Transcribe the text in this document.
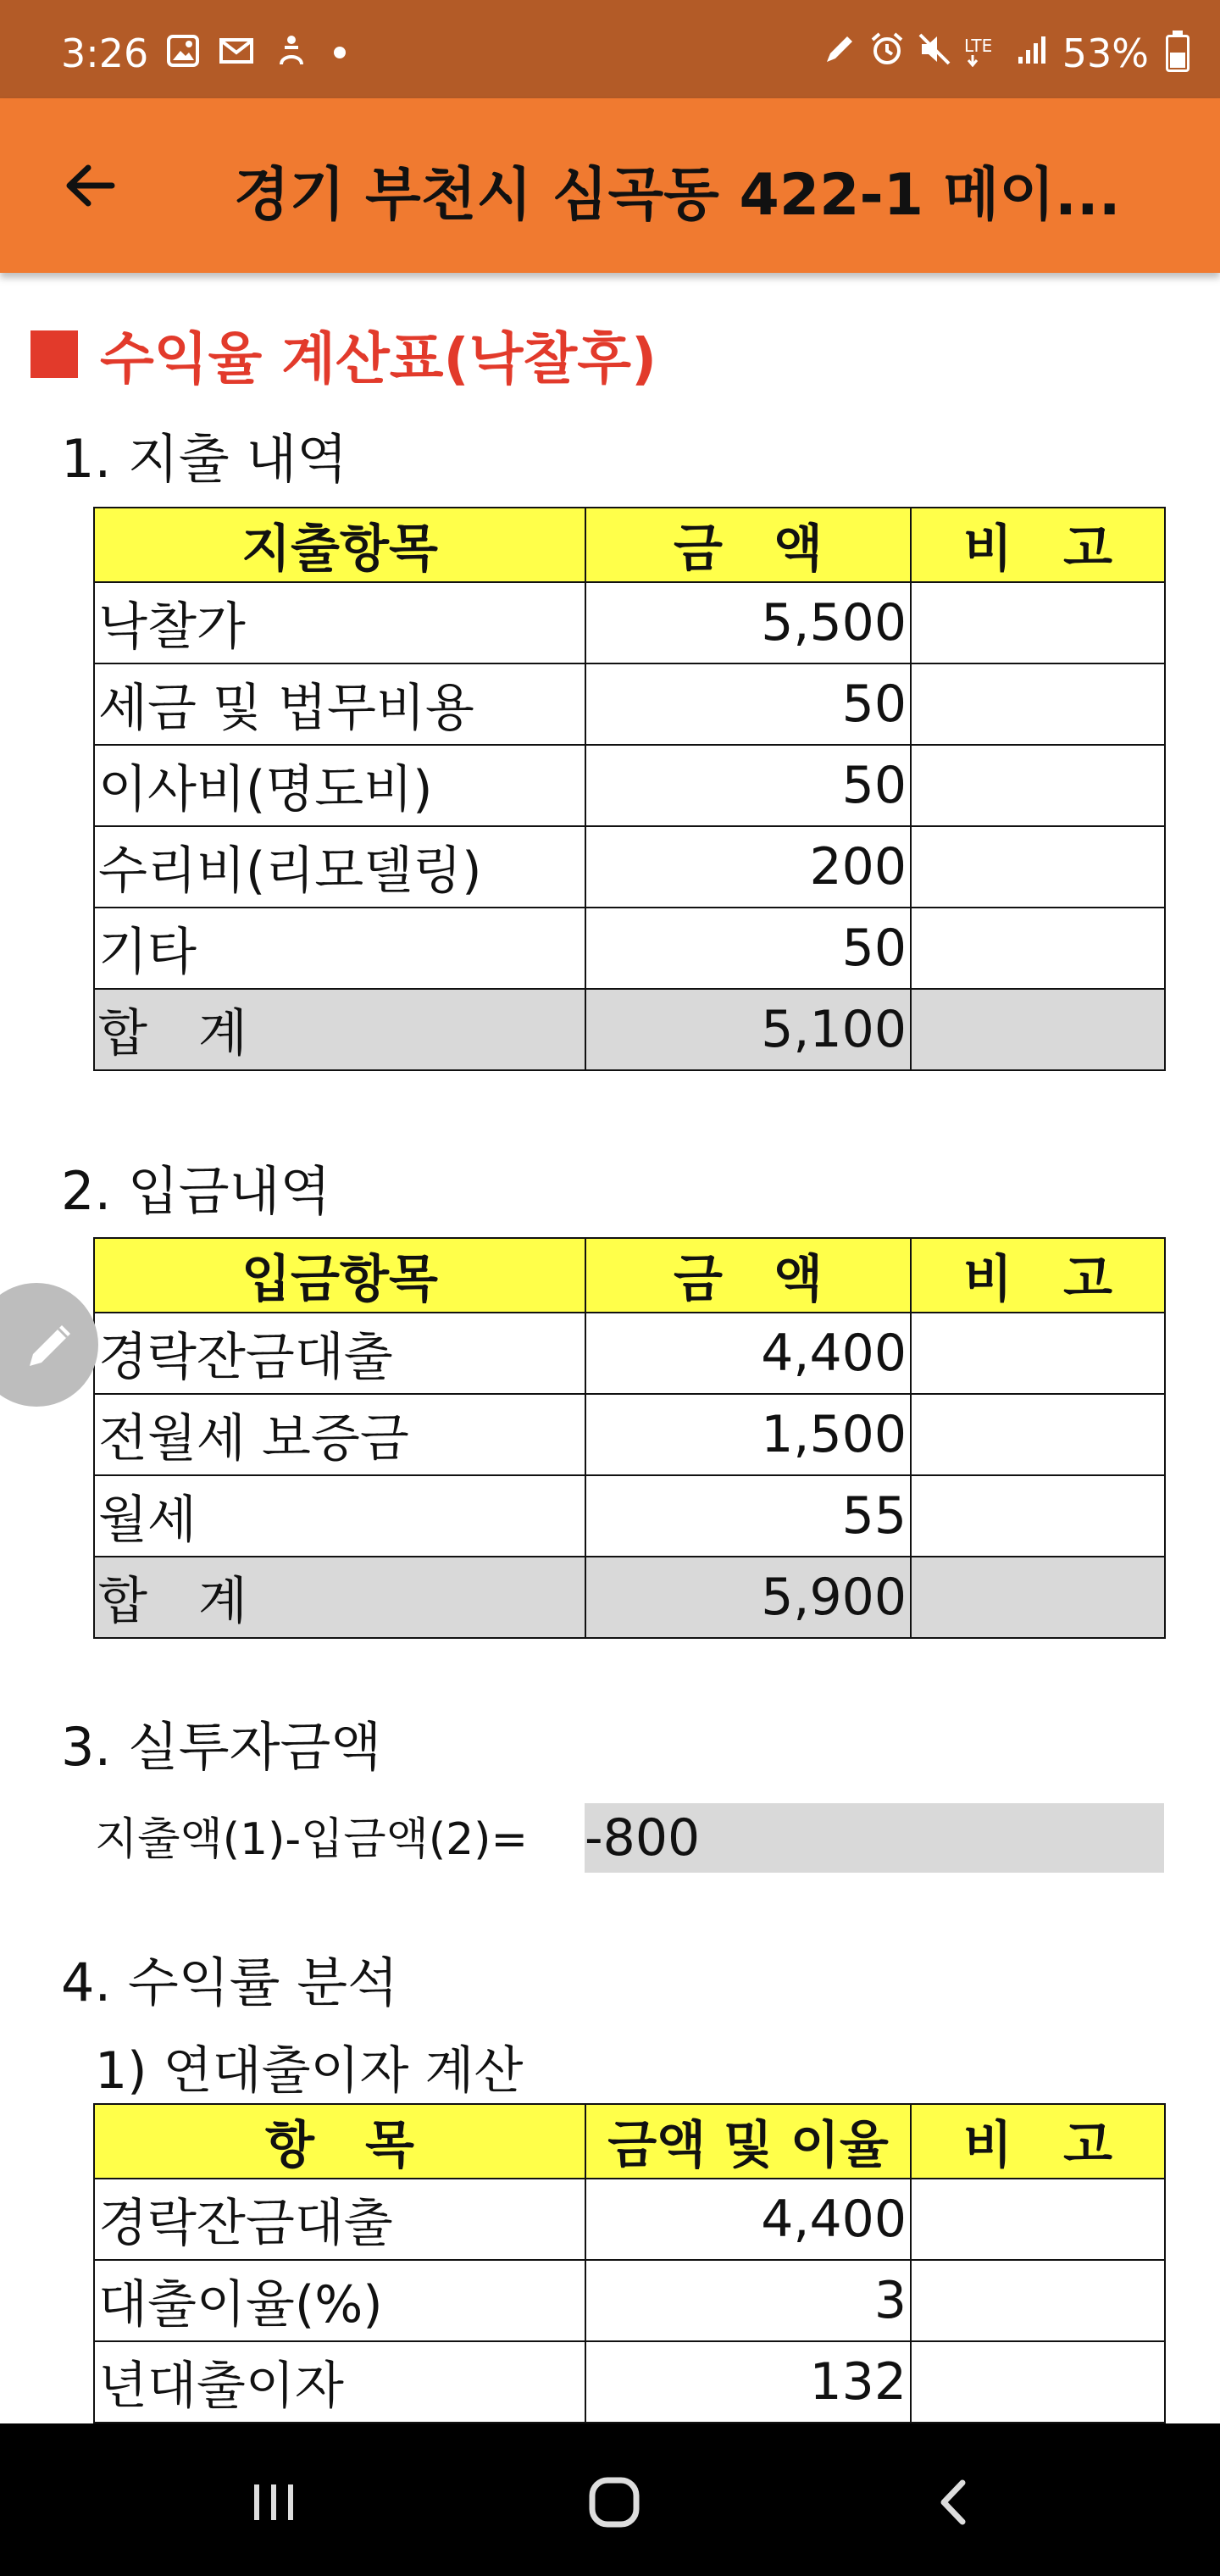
3:26	LTE 53%
경기 부천시 심곡동 422-1 메이...
수익율 계산표(낙찰후)
1. 지출 내역
지출항목	금　액	비　고
낙찰가	5,500	
세금 및 법무비용	50	
이사비(명도비)	50	
수리비(리모델링)	200	
기타	50	
합　계	5,100	
2. 입금내역
입금항목	금　액	비　고
경락잔금대출	4,400	
전월세 보증금	1,500	
월세	55	
합　계	5,900	
3. 실투자금액
지출액(1)-입금액(2)= -800
4. 수익률 분석
1) 연대출이자 계산
항　목	금액 및 이율	비　고
경락잔금대출	4,400	
대출이율(%)	3	
년대출이자	132	
